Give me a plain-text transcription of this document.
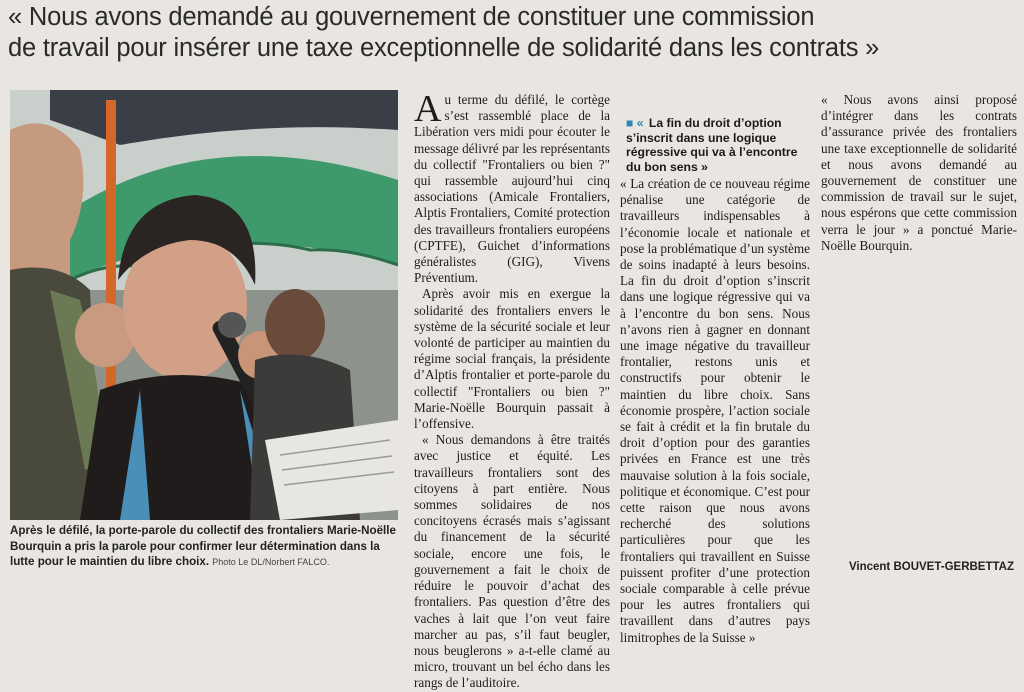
« Nous avons demandé au gouvernement de constituer une commission
de travail pour insérer une taxe exceptionnelle de solidarité dans les contrats »
Après le défilé, la porte-parole du collectif des frontaliers Marie-Noëlle Bourquin a pris la parole pour confirmer leur détermination dans la lutte pour le maintien du libre choix. Photo Le DL/Norbert FALCO.

Au terme du défilé, le cortège s’est rassemblé place de la Libération vers midi pour écouter le message délivré par les représentants du collectif "Frontaliers ou bien ?" qui rassemble aujourd’hui cinq associations (Amicale Frontaliers, Alptis Frontaliers, Comité protection des travailleurs frontaliers européens (CPTFE), Guichet d’informations généralistes (GIG), Vivens Préventium.

Après avoir mis en exergue la solidarité des frontaliers envers le système de la sécurité sociale et leur volonté de participer au maintien du régime social français, la présidente d’Alptis frontalier et porte-parole du collectif "Frontaliers ou bien ?" Marie-Noëlle Bourquin passait à l’offensive.

« Nous demandons à être traités avec justice et équité. Les travailleurs frontaliers sont des citoyens à part entière. Nous sommes solidaires de nos concitoyens écrasés mais s’agissant du financement de la sécurité sociale, encore une fois, le gouvernement a fait le choix de réduire le pouvoir d’achat des frontaliers. Pas question d’être des vaches à lait que l’on veut faire marcher au pas, s’il faut beugler, nous beuglerons » a-t-elle clamé au micro, trouvant un bel écho dans les rangs de l’auditoire.

■ « La fin du droit d’option s’inscrit dans une logique régressive qui va à l’encontre du bon sens »

« La création de ce nouveau régime pénalise une catégorie de travailleurs indispensables à l’économie locale et nationale et pose la problématique d’un système de soins inadapté à leurs besoins. La fin du droit d’option s’inscrit dans une logique régressive qui va à l’encontre du bon sens. Nous n’avons rien à gagner en donnant une image négative du travailleur frontalier, restons unis et constructifs pour obtenir le maintien du libre choix. Sans économie prospère, l’action sociale se fait à crédit et la fin brutale du droit d’option pour des garanties privées en France est une très mauvaise solution à la fois sociale, politique et économique. C’est pour cette raison que nous avons recherché des solutions particulières pour que les frontaliers qui travaillent en Suisse puissent profiter d’une protection sociale comparable à celle prévue pour les autres frontaliers qui travaillent dans d’autres pays limitrophes de la Suisse »

« Nous avons ainsi proposé d’intégrer dans les contrats d’assurance privée des frontaliers une taxe exceptionnelle de solidarité et nous avons demandé au gouvernement de constituer une commission de travail sur le sujet, nous espérons que cette commission verra le jour » a ponctué Marie-Noëlle Bourquin.

Vincent BOUVET-GERBETTAZ
